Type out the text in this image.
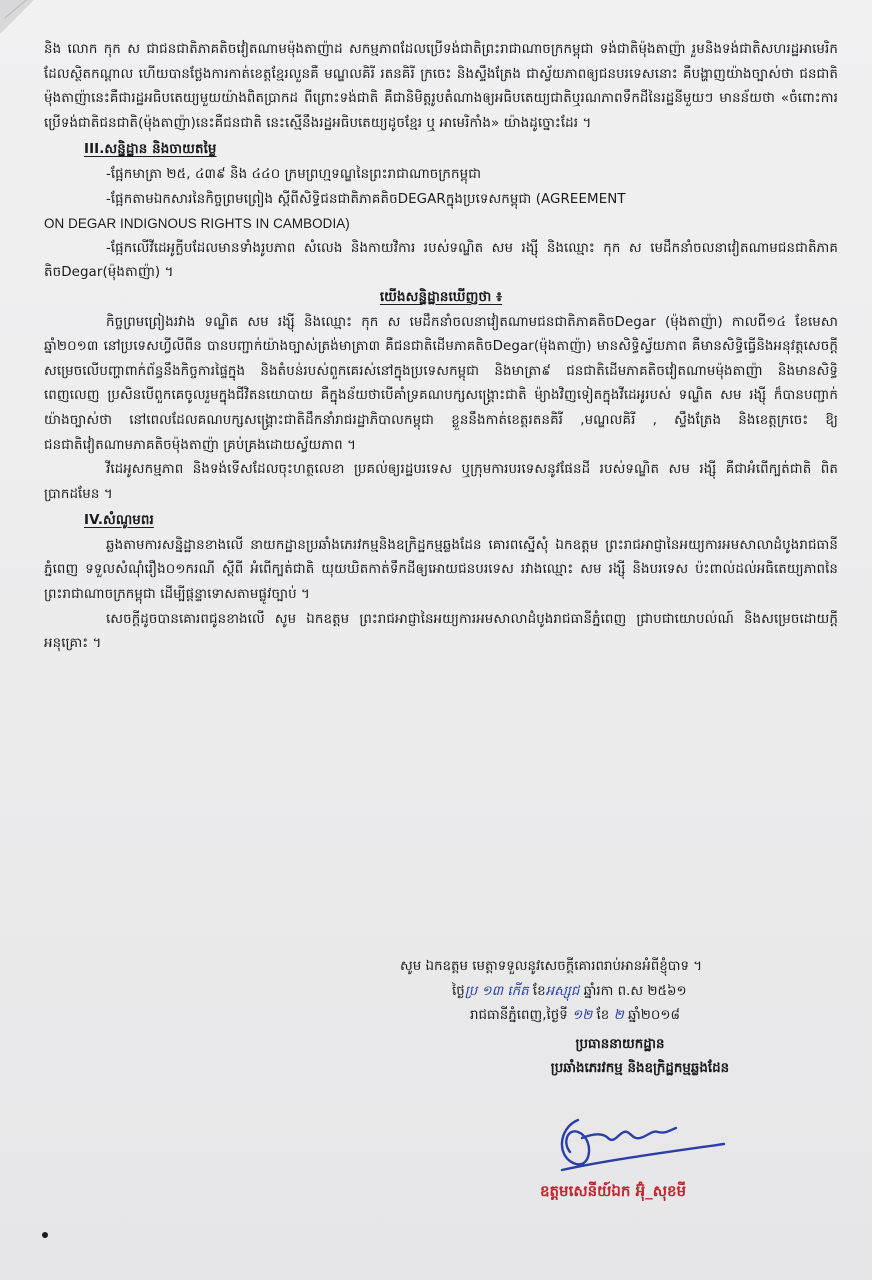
និង លោក កុក ស ជាជនជាតិភាគតិចវៀតណាមម៉ុងតាញ៉ាដ សកម្មភាពដែលប្រើទង់ជាតិព្រះរាជាណាចក្រកម្ពុជា ទង់ជាតិម៉ុងតាញ៉ា រួមនិងទង់ជាតិសហរដ្ឋអាមេរិក ដែលស្ថិតកណ្ដាល ហើយបានថ្លែងការកាត់ខេត្តខ្មែរលួនគឺ មណ្ឌលគិរី រតនគិរី ក្រចេះ និងស្ទឹងត្រែង ជាស្វ័យភាពឲ្យជនបរទេសនោះ គឺបង្ហាញយ៉ាងច្បាស់ថា ជនជាតិម៉ុងតាញ៉ានេះគឺជារដ្ឋអធិបតេយ្យមួយយ៉ាងពិតប្រាកដ ពីព្រោះទង់ជាតិ គឺជានិមិត្តរូបតំណាងឲ្យអធិបតេយ្យជាតិឬរណភាពទឹកដីនៃរដ្ឋនីមួយៗ មានន័យថា «ចំពោះការប្រើទង់ជាតិជនជាតិ(ម៉ុងតាញ៉ា)នេះគឺជនជាតិ នេះស្មើនឹងរដ្ឋអធិបតេយ្យដូចខ្មែរ ឬ អាមេរិកាំង» យ៉ាងដូច្នោះដែរ ។

III.សន្និដ្ឋាន និងចាយតម្លៃ

-ផ្អែកមាត្រា ២៥, ៤៣៩ និង ៤៤០ ក្រមព្រហ្មទណ្ឌនៃព្រះរាជាណាចក្រកម្ពុជា

-ផ្អែកតាមឯកសារនៃកិច្ចព្រមព្រៀង ស្ដីពីសិទ្ធិជនជាតិភាគតិចDEGARក្នុងប្រទេសកម្ពុជា (AGREEMENT

ON DEGAR INDIGNOUS RIGHTS IN CAMBODIA)

-ផ្អែកលើវីដេអូក្លីបដែលមានទាំងរូបភាព សំលេង និងកាយវិការ របស់ទណ្ឌិត សម រង្ស៊ី និងឈ្មោះ កុក ស មេដឹកនាំចលនាវៀតណាមជនជាតិភាគតិចDegar(ម៉ុងតាញ៉ា) ។

យើងសន្និដ្ឋានឃើញថា ៖

កិច្ចព្រមព្រៀងរវាង ទណ្ឌិត សម រង្ស៊ី និងឈ្មោះ កុក ស មេដឹកនាំចលនាវៀតណាមជនជាតិភាគតិចDegar (ម៉ុងតាញ៉ា) កាលពី១៤ ខែមេសា ឆ្នាំ២០១៣ នៅប្រទេសហ្វីលីពីន បានបញ្ជាក់យ៉ាងច្បាស់ត្រង់មាត្រា៣ គឺជនជាតិដើមភាគតិចDegar(ម៉ុងតាញ៉ា) មានសិទ្ធិស្វ័យភាព គឺមានសិទ្ធិធ្វើនិងអនុវត្តសេចក្ដីសម្រេចលើបញ្ហាពាក់ព័ន្ធនឹងកិច្ចការផ្ទៃក្នុង និងតំបន់របស់ពួកគេរស់នៅក្នុងប្រទេសកម្ពុជា និងមាត្រា៩ ជនជាតិដើមភាគតិចវៀតណាមម៉ុងតាញ៉ា និងមានសិទ្ធិពេញលេញ ប្រសិនបើពួកគេចូលរួមក្នុងជីវិតនយោបាយ គឺក្នុងន័យថាបើគាំទ្រគណបក្សសង្គ្រោះជាតិ ម៉្យាងវិញទៀតក្នុងវីដេអូរបស់ ទណ្ឌិត សម រង្ស៊ី ក៏បានបញ្ជាក់យ៉ាងច្បាស់ថា នៅពេលដែលគណបក្សសង្គ្រោះជាតិដឹកនាំរាជរដ្ឋាភិបាលកម្ពុជា ខ្លួននឹងកាត់ខេត្តរតនគិរី ,មណ្ឌលគិរី , ស្ទឹងត្រែង និងខេត្តក្រចេះ ឱ្យជនជាតិវៀតណាមភាគតិចម៉ុងតាញ៉ា គ្រប់គ្រងដោយស្វ័យភាព ។

វីដេអូសកម្មភាព និងទង់ទើសដែលចុះហត្ថលេខា ប្រគល់ឲ្យរដ្ឋបរទេស ឬក្រុមការបរទេសនូវផែនដី របស់ទណ្ឌិត សម រង្ស៊ី គឺជាអំពើក្បត់ជាតិ ពិតប្រាកដមែន ។

IV.សំណូមពរ

ឆ្លងតាមការសន្និដ្ឋានខាងលើ នាយកដ្ឋានប្រឆាំងភេរវកម្មនិងឧក្រិដ្ឋកម្មឆ្លងដែន គោរពស្នើសុំ ឯកឧត្ដម ព្រះរាជអាជ្ញានៃអយ្យការអមសាលាដំបូងរាជធានីភ្នំពេញ ទទួលសំណុំរឿង០១ករណី ស្ដីពី អំពើក្បត់ជាតិ យុយឃិតកាត់ទឹកដីឲ្យអោយជនបរទេស រវាងឈ្មោះ សម រង្ស៊ី និងបរទេស ប៉ះពាល់ដល់អធិតេយ្យភាពនៃព្រះរាជាណាចក្រកម្ពុជា ដើម្បីផ្ដន្ទាទោសតាមផ្លូវច្បាប់ ។

សេចក្ដីដូចបានគោរពជូនខាងលើ សូម ឯកឧត្ដម ព្រះរាជអាជ្ញានៃអយ្យការអមសាលាដំបូងរាជធានីភ្នំពេញ ជ្រាបជាយោបល់ណ៍ និងសម្រេចដោយក្ដីអនុគ្រោះ ។

សូម ឯកឧត្ដម មេត្តាទទួលនូវសេចក្ដីគោរពរាប់អានអំពីខ្ញុំបាទ ។

ថ្ងៃប្រ ១៣ កើត ខែអស្សុជ ឆ្នាំរកា ព.ស ២៥៦១

រាជធានីភ្នំពេញ,ថ្ងៃទី ១២ ខែ ២ ឆ្នាំ២០១៨

ប្រធាននាយកដ្ឋាន

ប្រឆាំងភេរវកម្ម និងឧក្រិដ្ឋកម្មឆ្លងដែន

ឧត្ដមសេនីយ៍ឯក អ៊ុំ_សុខមី
